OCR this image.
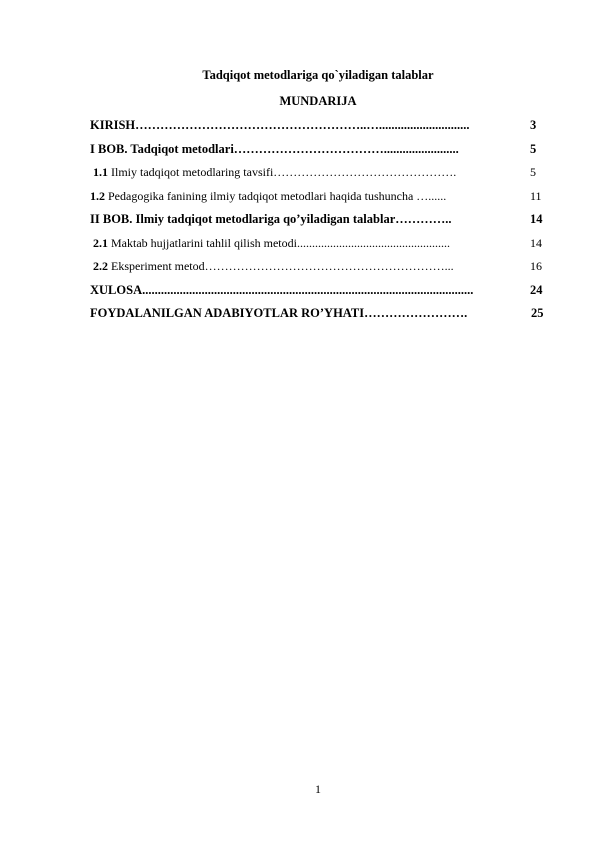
Tadqiqot metodlariga qo`yiladigan talablar
MUNDARIJA
KIRISH………………………………………………..….............................	3
I BOB. Tadqiqot metodlari………………………………........................	5
1.1 Ilmiy tadqiqot metodlaring tavsifi……………………………………….	5
1.2 Pedagogika fanining ilmiy tadqiqot metodlari haqida tushuncha …......	11
II BOB. Ilmiy tadqiqot metodlariga qo’yiladigan talablar…………..	14
2.1 Maktab hujjatlarini tahlil qilish metodi...................................................	14
2.2 Eksperiment metod……………………………………………………...	16
XULOSA..........................................................................................................	24
FOYDALANILGAN ADABIYOTLAR RO’YHATI…………………….	25
1
